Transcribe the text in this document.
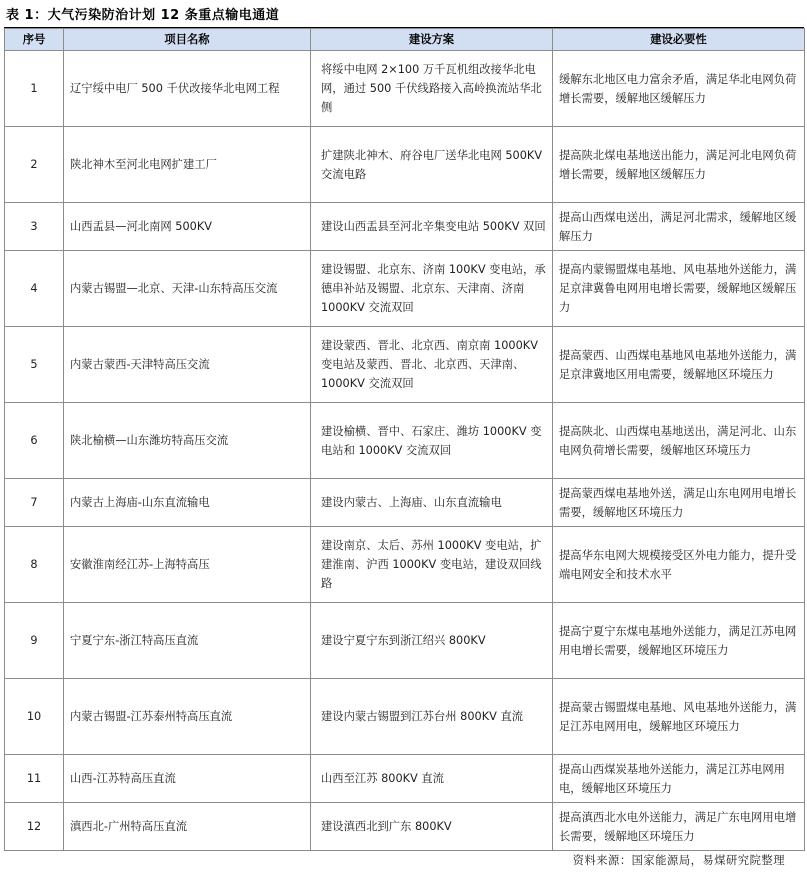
表 1：大气污染防治计划 12 条重点输电通道
序号	项目名称	建设方案	建设必要性
1	辽宁绥中电厂 500 千伏改接华北电网工程	将绥中电网 2×100 万千瓦机组改接华北电网，通过 500 千伏线路接入高岭换流站华北侧	缓解东北地区电力富余矛盾，满足华北电网负荷增长需要，缓解地区缓解压力
2	陕北神木至河北电网扩建工厂	扩建陕北神木、府谷电厂送华北电网 500KV 交流电路	提高陕北煤电基地送出能力，满足河北电网负荷增长需要，缓解地区缓解压力
3	山西盂县—河北南网 500KV	建设山西盂县至河北辛集变电站 500KV 双回	提高山西煤电送出，满足河北需求，缓解地区缓解压力
4	内蒙古锡盟—北京、天津-山东特高压交流	建设锡盟、北京东、济南 100KV 变电站，承德串补站及锡盟、北京东、天津南、济南 1000KV 交流双回	提高内蒙锡盟煤电基地、风电基地外送能力，满足京津冀鲁电网用电增长需要，缓解地区缓解压力
5	内蒙古蒙西-天津特高压交流	建设蒙西、晋北、北京西、南京南 1000KV 变电站及蒙西、晋北、北京西、天津南、1000KV 交流双回	提高蒙西、山西煤电基地风电基地外送能力，满足京津冀地区用电需要，缓解地区环境压力
6	陕北榆横—山东潍坊特高压交流	建设榆横、晋中、石家庄、潍坊 1000KV 变电站和 1000KV 交流双回	提高陕北、山西煤电基地送出，满足河北、山东电网负荷增长需要，缓解地区环境压力
7	内蒙古上海庙-山东直流输电	建设内蒙古、上海庙、山东直流输电	提高蒙西煤电基地外送，满足山东电网用电增长需要，缓解地区环境压力
8	安徽淮南经江苏-上海特高压	建设南京、太后、苏州 1000KV 变电站，扩建淮南、沪西 1000KV 变电站，建设双回线路	提高华东电网大规模接受区外电力能力，提升受端电网安全和技术水平
9	宁夏宁东-浙江特高压直流	建设宁夏宁东到浙江绍兴 800KV	提高宁夏宁东煤电基地外送能力，满足江苏电网用电增长需要，缓解地区环境压力
10	内蒙古锡盟-江苏泰州特高压直流	建设内蒙古锡盟到江苏台州 800KV 直流	提高蒙古锡盟煤电基地、风电基地外送能力，满足江苏电网用电，缓解地区环境压力
11	山西-江苏特高压直流	山西至江苏 800KV 直流	提高山西煤炭基地外送能力，满足江苏电网用电，缓解地区环境压力
12	滇西北-广州特高压直流	建设滇西北到广东 800KV	提高滇西北水电外送能力，满足广东电网用电增长需要，缓解地区环境压力
资料来源：国家能源局，易煤研究院整理
